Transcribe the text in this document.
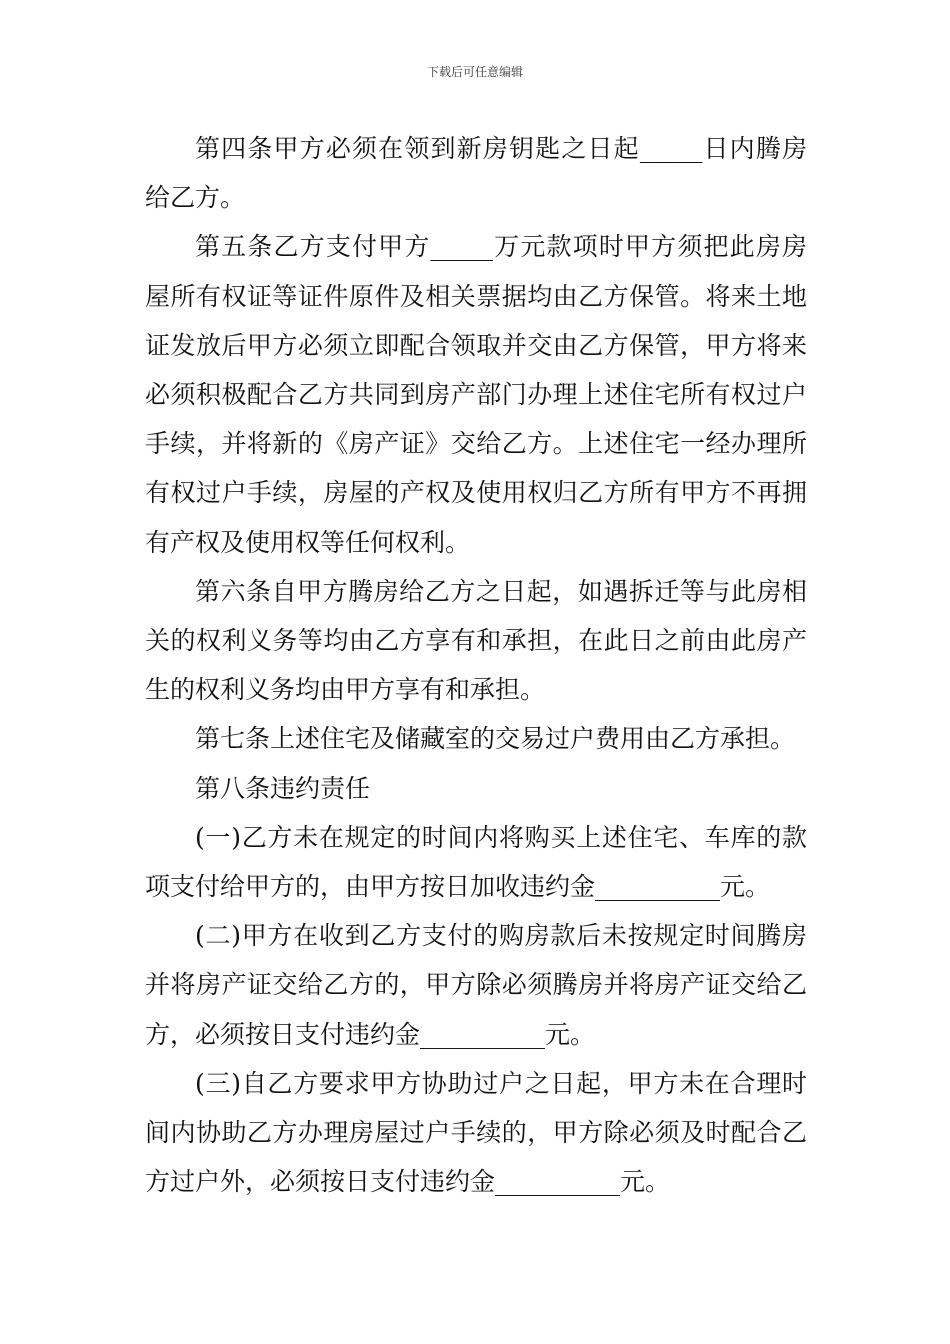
下载后可任意编辑

第四条甲方必须在领到新房钥匙之日起_____日内腾房给乙方。

第五条乙方支付甲方_____万元款项时甲方须把此房房屋所有权证等证件原件及相关票据均由乙方保管。将来土地证发放后甲方必须立即配合领取并交由乙方保管，甲方将来必须积极配合乙方共同到房产部门办理上述住宅所有权过户手续，并将新的《房产证》交给乙方。上述住宅一经办理所有权过户手续，房屋的产权及使用权归乙方所有甲方不再拥有产权及使用权等任何权利。

第六条自甲方腾房给乙方之日起，如遇拆迁等与此房相关的权利义务等均由乙方享有和承担，在此日之前由此房产生的权利义务均由甲方享有和承担。

第七条上述住宅及储藏室的交易过户费用由乙方承担。

第八条违约责任

(一)乙方未在规定的时间内将购买上述住宅、车库的款项支付给甲方的，由甲方按日加收违约金__________元。

(二)甲方在收到乙方支付的购房款后未按规定时间腾房并将房产证交给乙方的，甲方除必须腾房并将房产证交给乙方，必须按日支付违约金__________元。

(三)自乙方要求甲方协助过户之日起，甲方未在合理时间内协助乙方办理房屋过户手续的，甲方除必须及时配合乙方过户外，必须按日支付违约金__________元。
